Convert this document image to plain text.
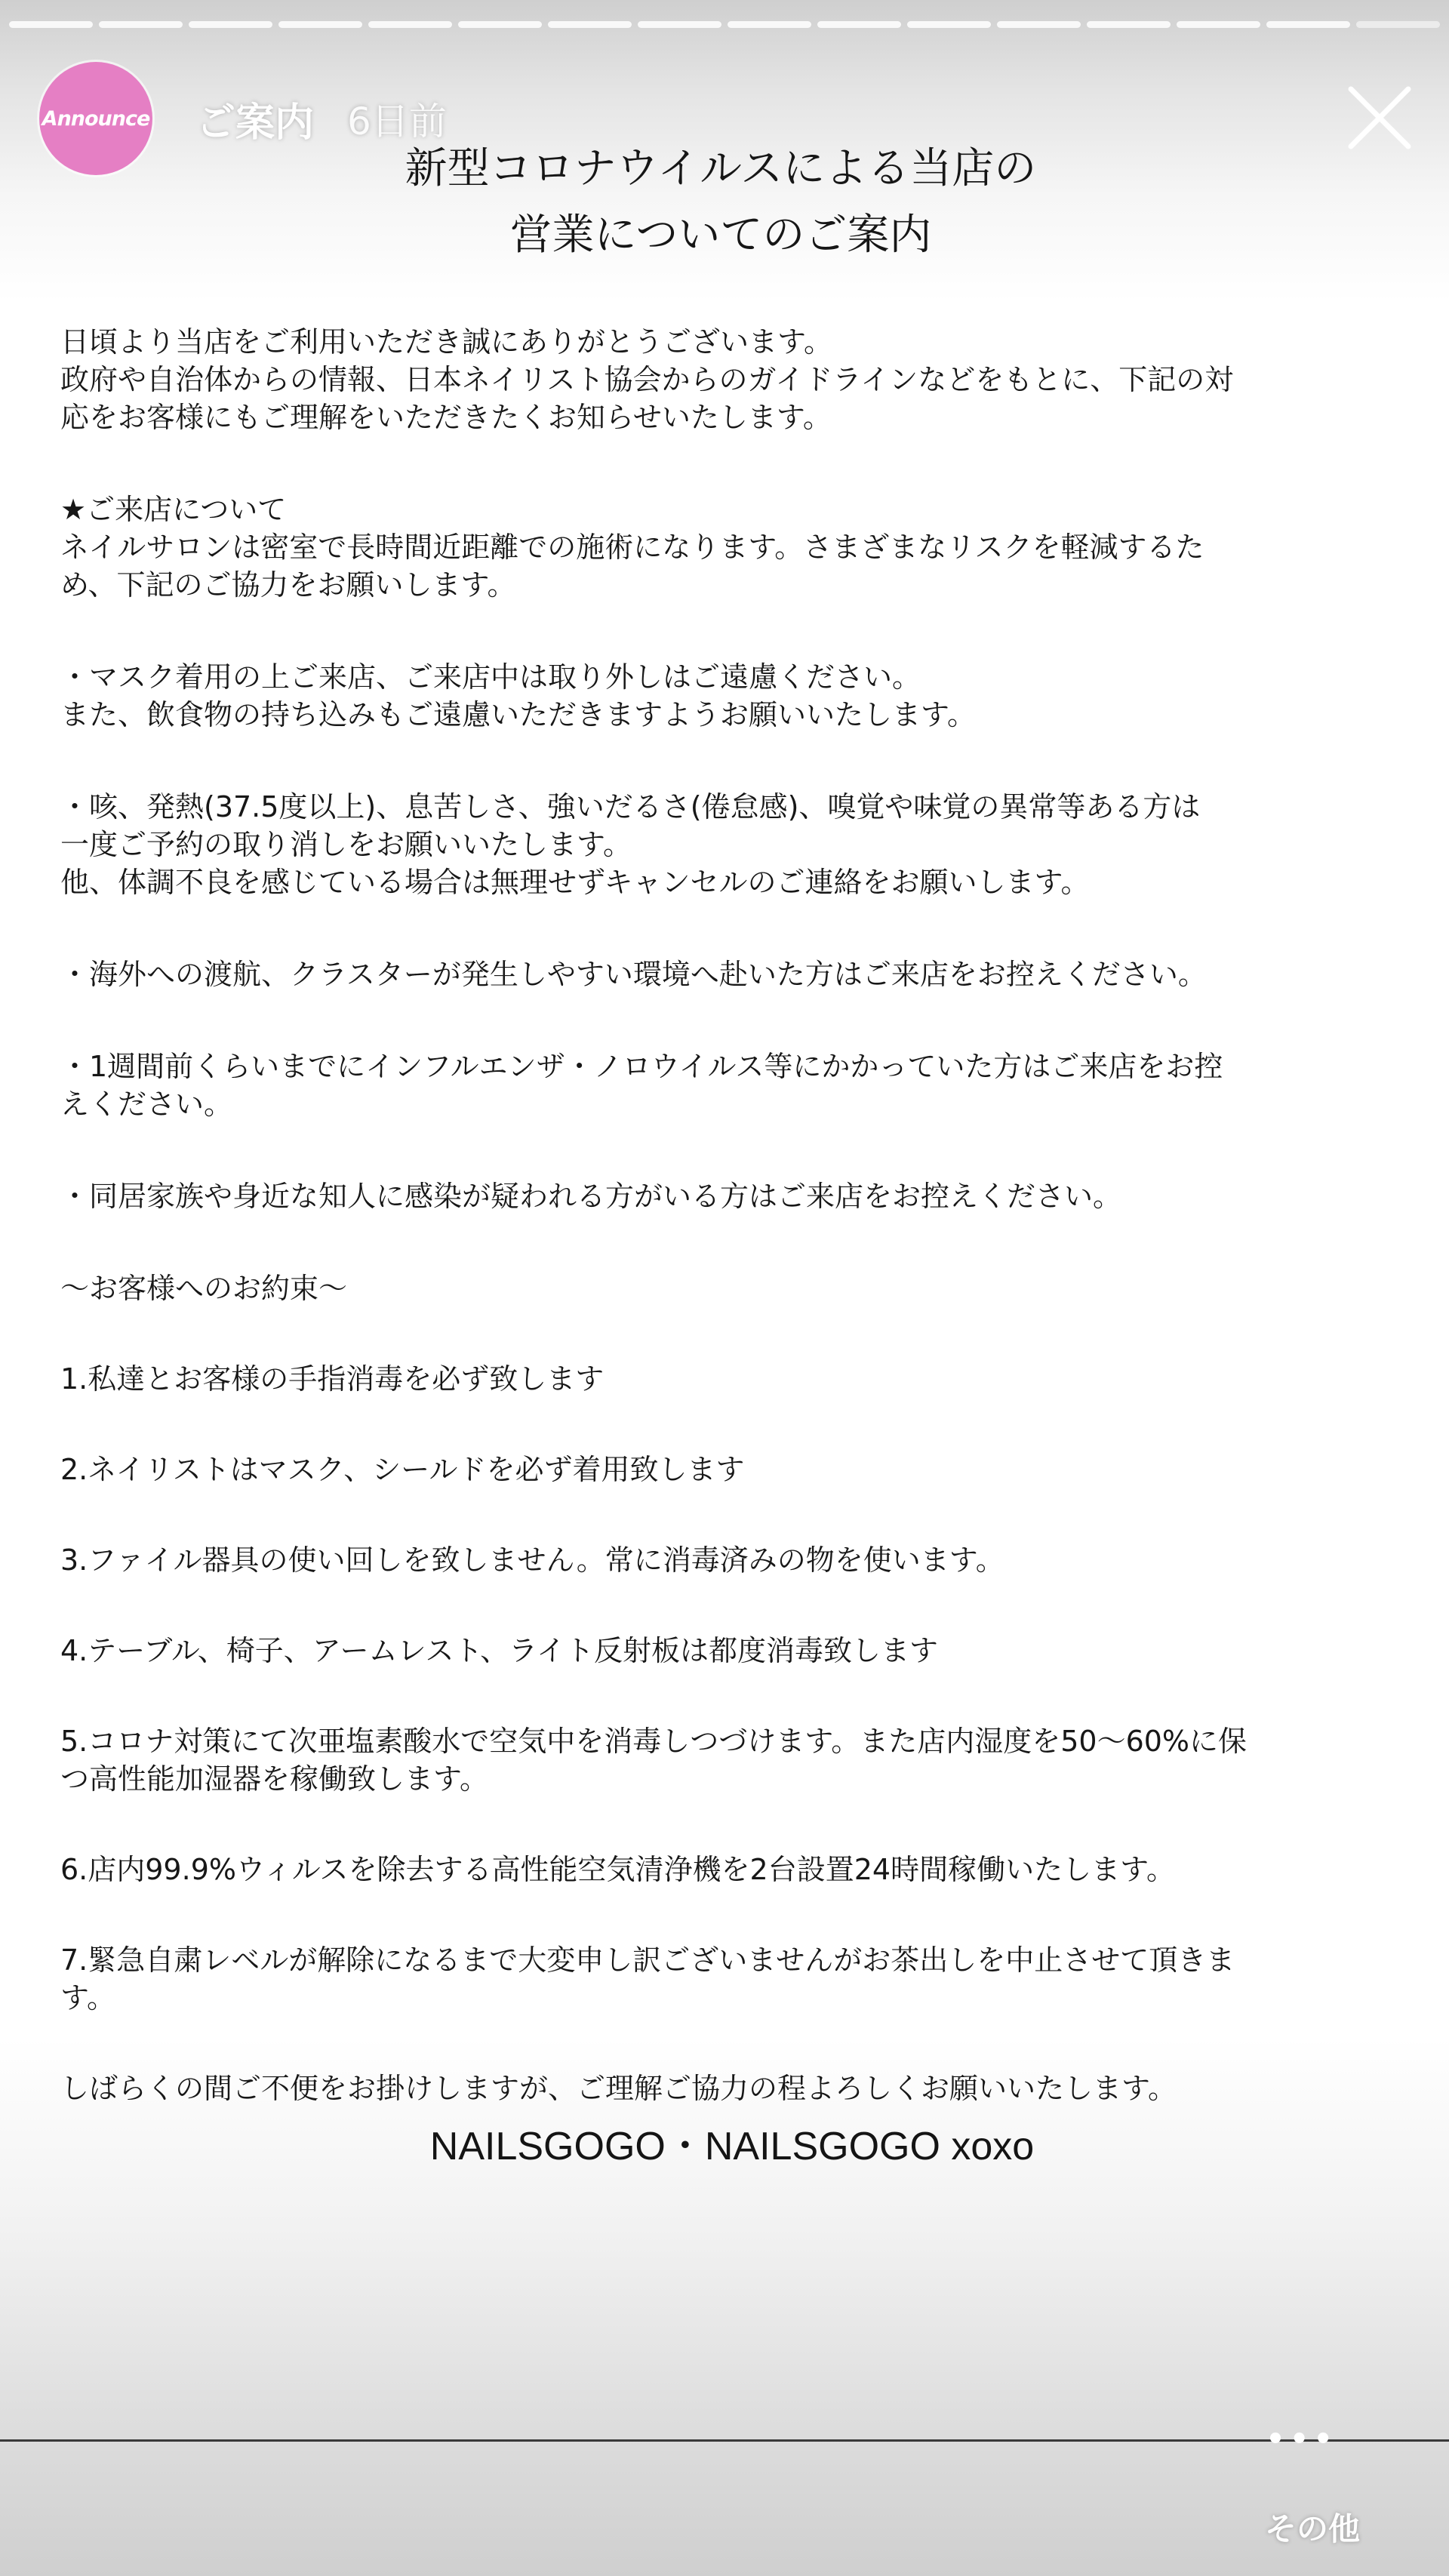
Announce ご案内 6日前
新型コロナウイルスによる当店の
営業についてのご案内

日頃より当店をご利用いただき誠にありがとうございます。

政府や自治体からの情報、日本ネイリスト協会からのガイドラインなどをもとに、下記の対

応をお客様にもご理解をいただきたくお知らせいたします。

★ご来店について

ネイルサロンは密室で長時間近距離での施術になります。さまざまなリスクを軽減するた

め、下記のご協力をお願いします。

・マスク着用の上ご来店、ご来店中は取り外しはご遠慮ください。

また、飲食物の持ち込みもご遠慮いただきますようお願いいたします。

・咳、発熱(37.5度以上)、息苦しさ、強いだるさ(倦怠感)、嗅覚や味覚の異常等ある方は

一度ご予約の取り消しをお願いいたします。

他、体調不良を感じている場合は無理せずキャンセルのご連絡をお願いします。

・海外への渡航、クラスターが発生しやすい環境へ赴いた方はご来店をお控えください。

・1週間前くらいまでにインフルエンザ・ノロウイルス等にかかっていた方はご来店をお控

えください。

・同居家族や身近な知人に感染が疑われる方がいる方はご来店をお控えください。

〜お客様へのお約束〜

1.私達とお客様の手指消毒を必ず致します

2.ネイリストはマスク、シールドを必ず着用致します

3.ファイル器具の使い回しを致しません。常に消毒済みの物を使います。

4.テーブル、椅子、アームレスト、ライト反射板は都度消毒致します

5.コロナ対策にて次亜塩素酸水で空気中を消毒しつづけます。また店内湿度を50〜60%に保

つ高性能加湿器を稼働致します。

6.店内99.9%ウィルスを除去する高性能空気清浄機を2台設置24時間稼働いたします。

7.緊急自粛レベルが解除になるまで大変申し訳ございませんがお茶出しを中止させて頂きま

す。

しばらくの間ご不便をお掛けしますが、ご理解ご協力の程よろしくお願いいたします。

NAILSGOGO・NAILSGOGO xoxo
•••
その他
